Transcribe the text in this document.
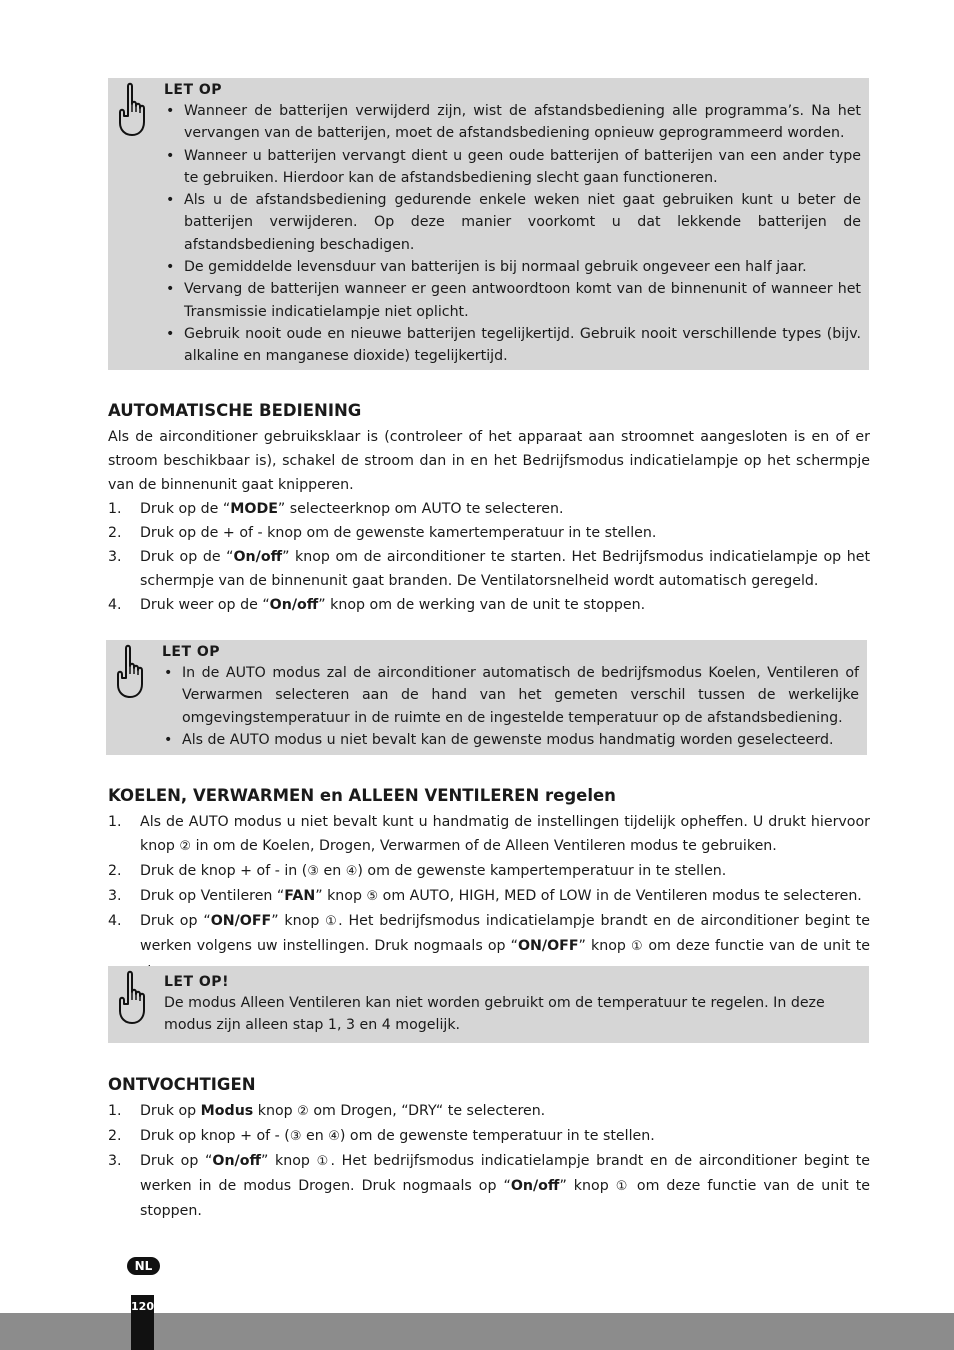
LET OP
• Wanneer de batterijen verwijderd zijn, wist de afstandsbediening alle programma’s. Na het vervangen van de batterijen, moet de afstandsbediening opnieuw geprogrammeerd worden.
• Wanneer u batterijen vervangt dient u geen oude batterijen of batterijen van een ander type te gebruiken. Hierdoor kan de afstandsbediening slecht gaan functioneren.
• Als u de afstandsbediening gedurende enkele weken niet gaat gebruiken kunt u beter de batterijen verwijderen. Op deze manier voorkomt u dat lekkende batterijen de afstandsbediening beschadigen.
• De gemiddelde levensduur van batterijen is bij normaal gebruik ongeveer een half jaar.
• Vervang de batterijen wanneer er geen antwoordtoon komt van de binnenunit of wanneer het Transmissie indicatielampje niet oplicht.
• Gebruik nooit oude en nieuwe batterijen tegelijkertijd. Gebruik nooit verschillende types (bijv. alkaline en manganese dioxide) tegelijkertijd.
AUTOMATISCHE BEDIENING

Als de airconditioner gebruiksklaar is (controleer of het apparaat aan stroomnet aangesloten is en of er stroom beschikbaar is), schakel de stroom dan in en het Bedrijfsmodus indicatielampje op het schermpje van de binnenunit gaat knipperen.

1. Druk op de “MODE” selecteerknop om AUTO te selecteren.
2. Druk op de + of - knop om de gewenste kamertemperatuur in te stellen.
3. Druk op de “On/off” knop om de airconditioner te starten. Het Bedrijfsmodus indicatielampje op het schermpje van de binnenunit gaat branden. De Ventilatorsnelheid wordt automatisch geregeld.
4. Druk weer op de “On/off” knop om de werking van de unit te stoppen.
LET OP
• In de AUTO modus zal de airconditioner automatisch de bedrijfsmodus Koelen, Ventileren of Verwarmen selecteren aan de hand van het gemeten verschil tussen de werkelijke omgevingstemperatuur in de ruimte en de ingestelde temperatuur op de afstandsbediening.
• Als de AUTO modus u niet bevalt kan de gewenste modus handmatig worden geselecteerd.
KOELEN, VERWARMEN en ALLEEN VENTILEREN regelen
1. Als de AUTO modus u niet bevalt kunt u handmatig de instellingen tijdelijk opheffen. U drukt hiervoor knop ② in om de Koelen, Drogen, Verwarmen of de Alleen Ventileren modus te gebruiken.
2. Druk de knop + of - in (③ en ④) om de gewenste kampertemperatuur in te stellen.
3. Druk op Ventileren “FAN” knop ⑤ om AUTO, HIGH, MED of LOW in de Ventileren modus te selecteren.
4. Druk op “ON/OFF” knop ①. Het bedrijfsmodus indicatielampje brandt en de airconditioner begint te werken volgens uw instellingen. Druk nogmaals op “ON/OFF” knop ① om deze functie van de unit te
LET OP!

De modus Alleen Ventileren kan niet worden gebruikt om de temperatuur te regelen. In deze modus zijn alleen stap 1, 3 en 4 mogelijk.

ONTVOCHTIGEN
1. Druk op Modus knop ② om Drogen, “DRY“ te selecteren.
2. Druk op knop + of - (③ en ④) om de gewenste temperatuur in te stellen.
3. Druk op “On/off” knop ①. Het bedrijfsmodus indicatielampje brandt en de airconditioner begint te werken in de modus Drogen. Druk nogmaals op “On/off” knop ① om deze functie van de unit te stoppen.
NL
120
